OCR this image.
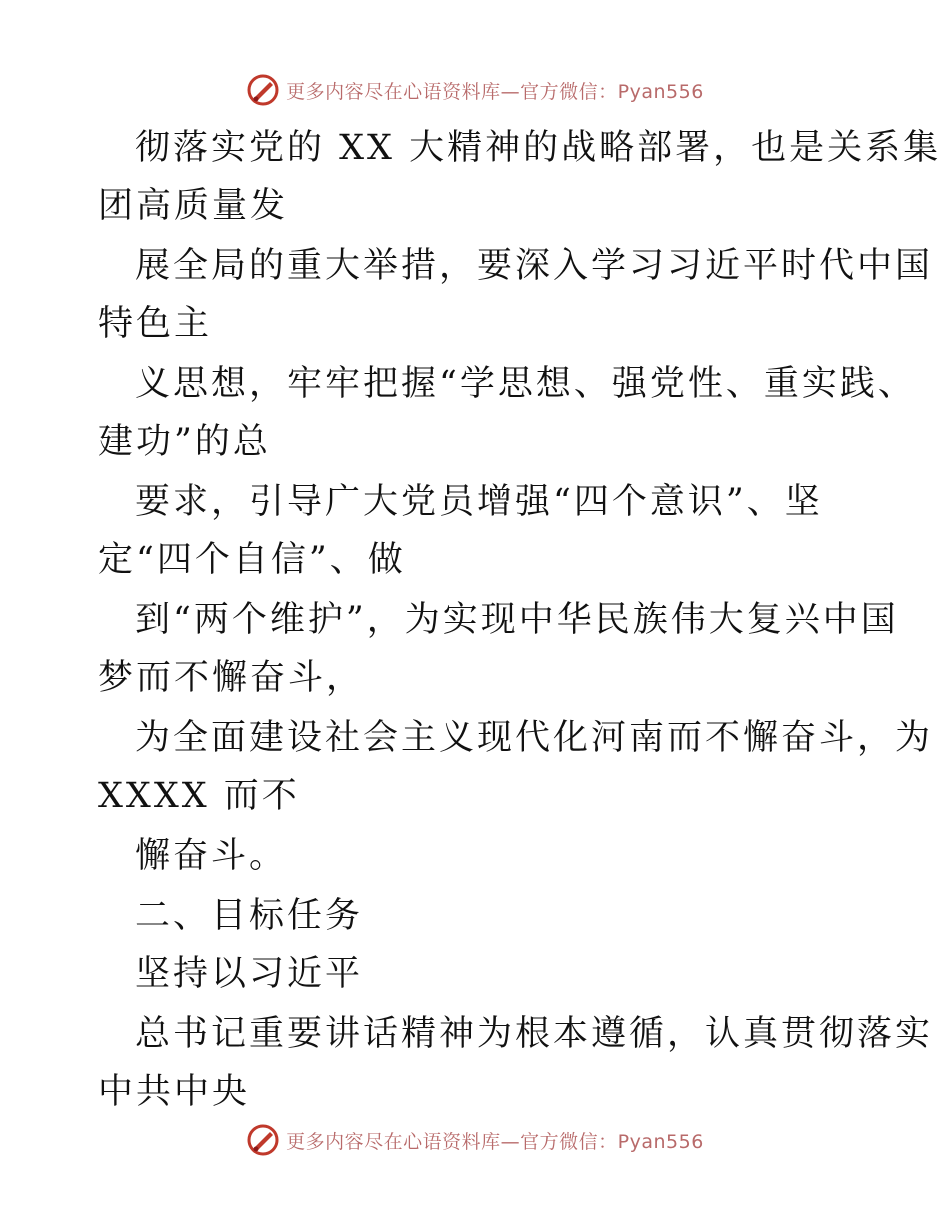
更多内容尽在心语资料库—官方微信：Pyan556
彻落实党的 XX 大精神的战略部署，也是关系集
团高质量发
展全局的重大举措，要深入学习习近平时代中国
特色主
义思想，牢牢把握“学思想、强党性、重实践、
建功”的总
要求，引导广大党员增强“四个意识”、坚
定“四个自信”、做
到“两个维护”，为实现中华民族伟大复兴中国
梦而不懈奋斗，
为全面建设社会主义现代化河南而不懈奋斗，为
XXXX 而不
懈奋斗。
二、目标任务
坚持以习近平
总书记重要讲话精神为根本遵循，认真贯彻落实
中共中央
更多内容尽在心语资料库—官方微信：Pyan556
